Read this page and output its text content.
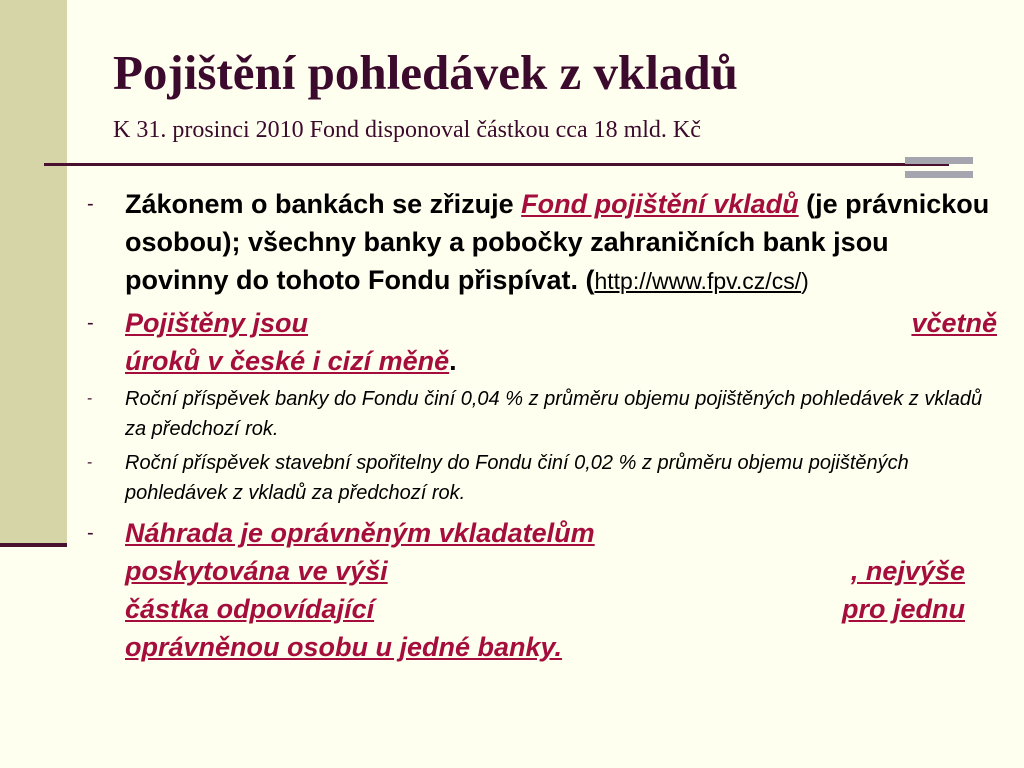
Pojištění pohledávek z vkladů
K 31. prosinci 2010 Fond disponoval částkou cca 18 mld. Kč
-	Zákonem o bankách se zřizuje Fond pojištění vkladů (je právnickou osobou); všechny banky a pobočky zahraničních bank jsou povinny do tohoto Fondu přispívat. (http://www.fpv.cz/cs/)
-	Pojištěny jsou	včetně
úroků v české i cizí měně.
-	Roční příspěvek banky do Fondu činí 0,04 % z průměru objemu pojištěných pohledávek z vkladů za předchozí rok.
-	Roční příspěvek stavební spořitelny do Fondu činí 0,02 % z průměru objemu pojištěných pohledávek z vkladů za předchozí rok.
-	Náhrada je oprávněným vkladatelům
poskytována ve výši	, nejvýše
částka odpovídající	pro jednu
oprávněnou osobu u jedné banky.
